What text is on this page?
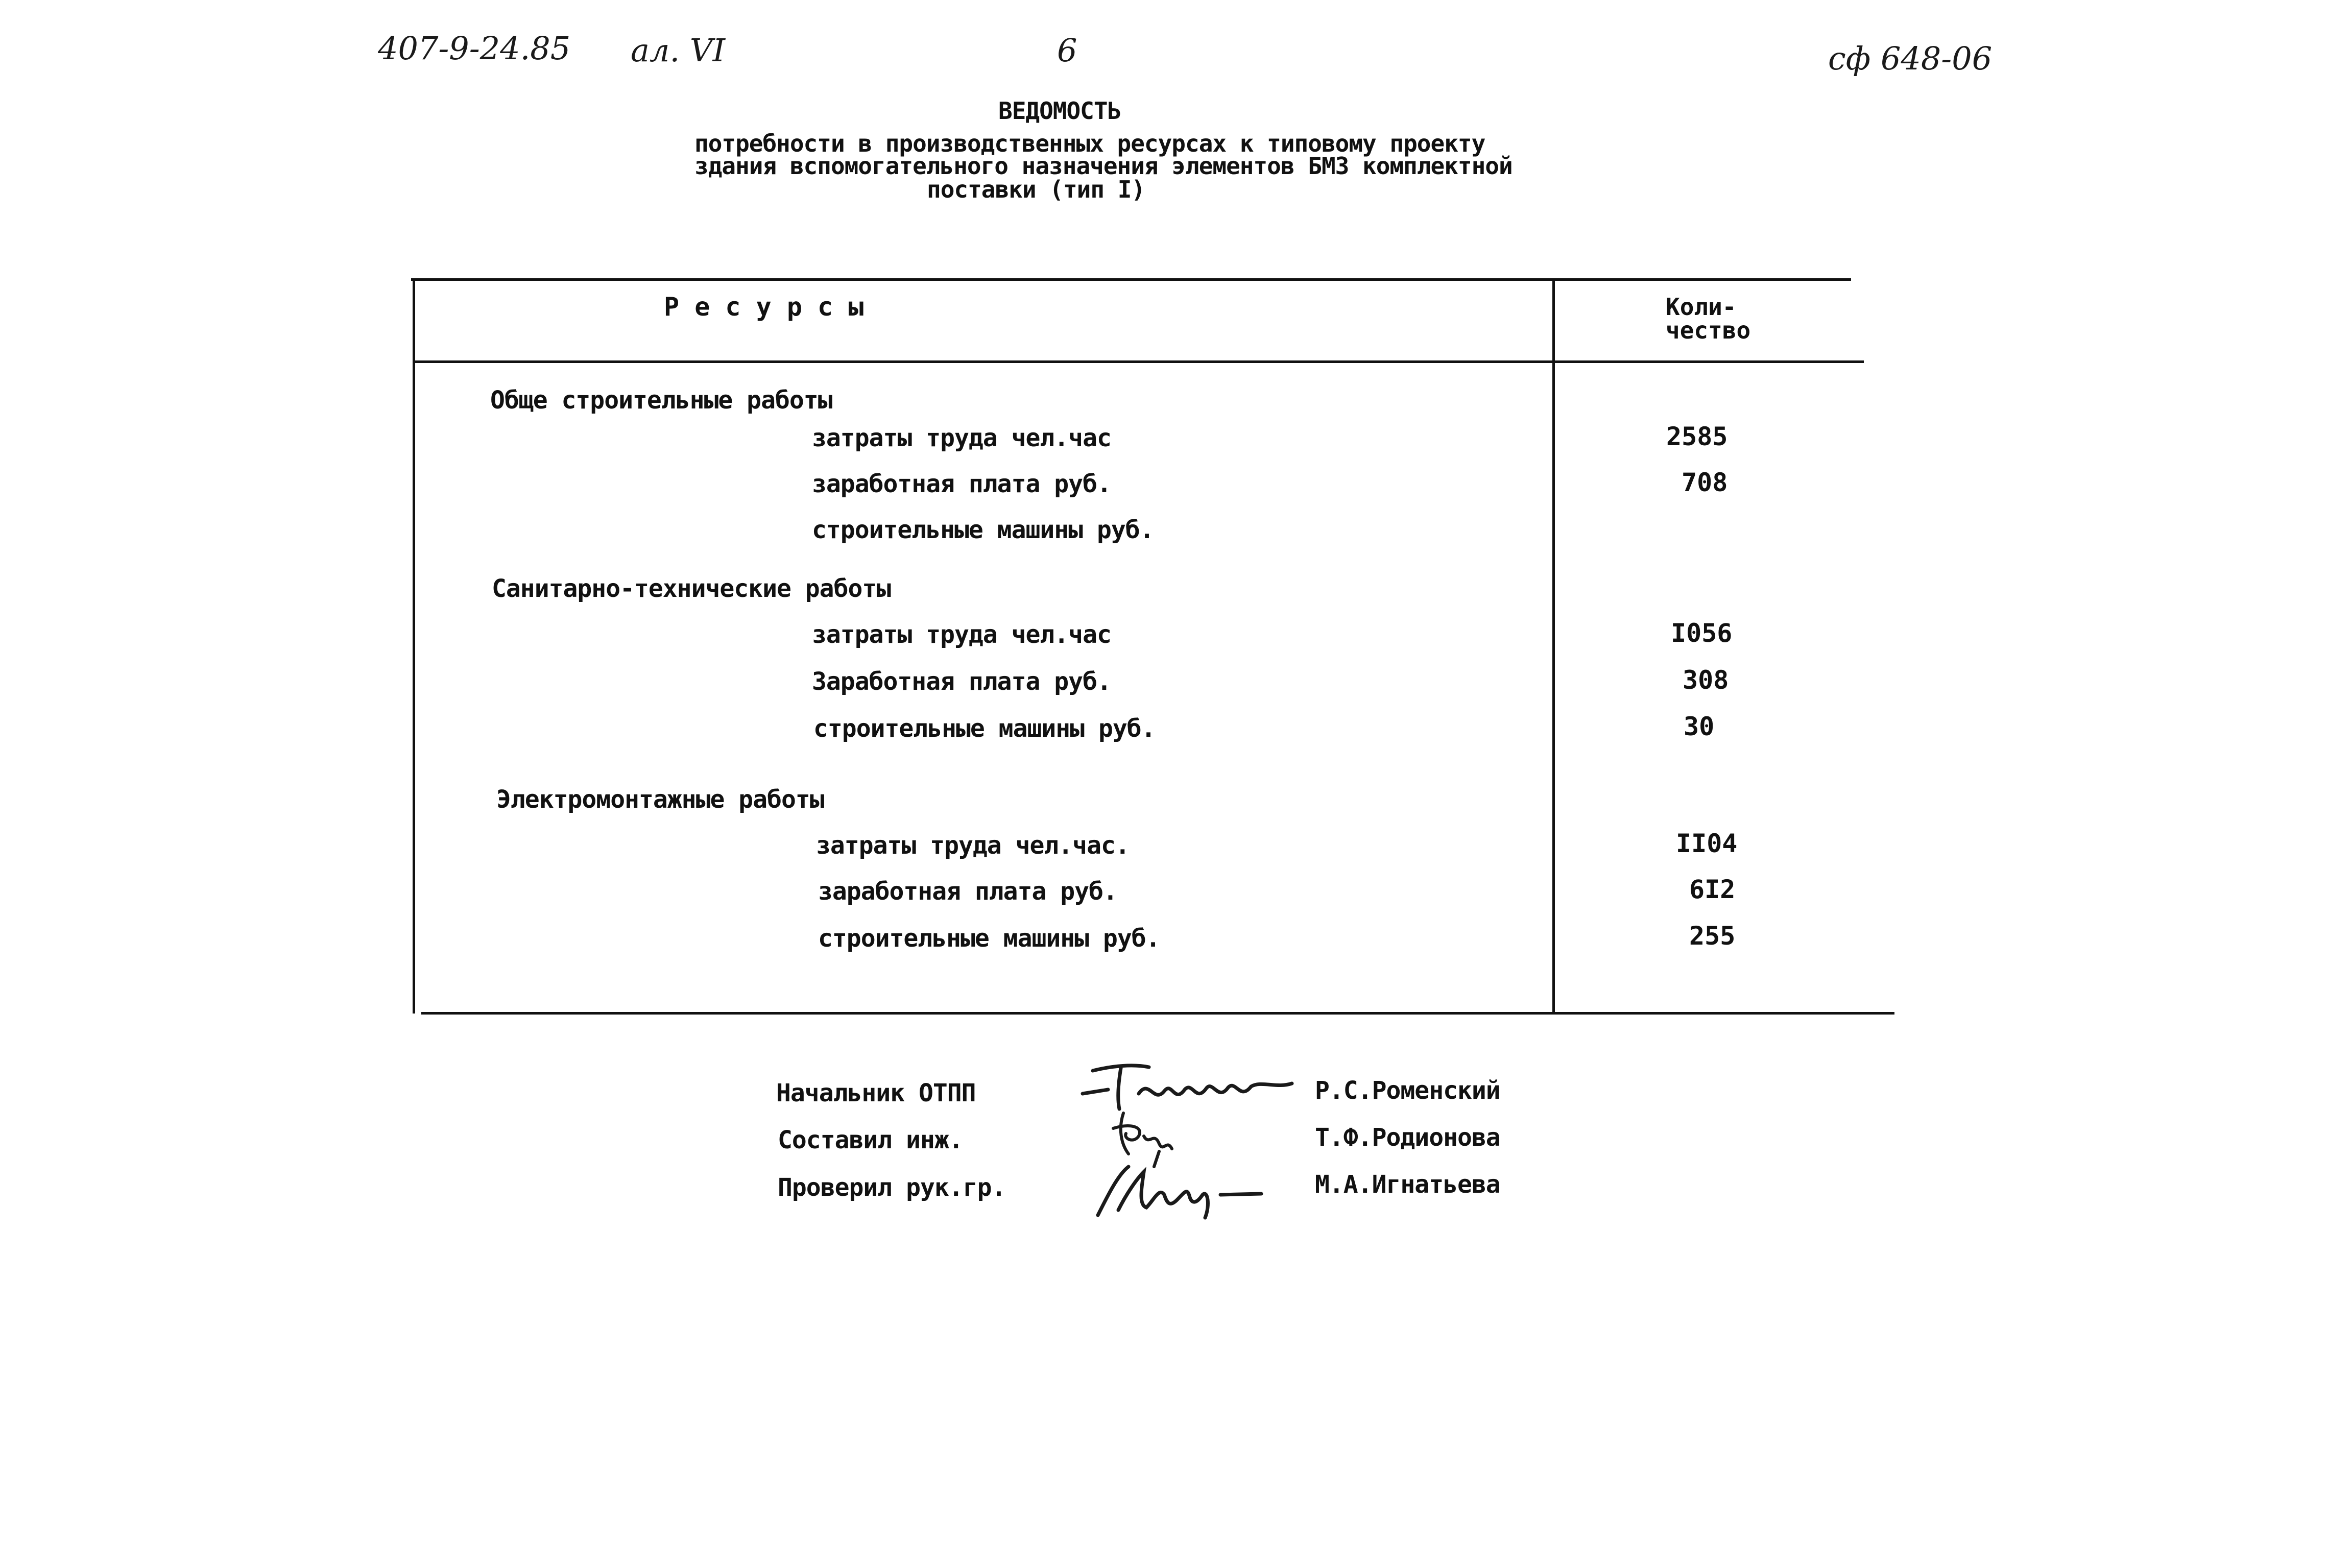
407-9-24.85 ал. VI	6	сф 648-06
ВЕДОМОСТЬ
потребности в производственных ресурсах к типовому проекту
здания вспомогательного назначения элементов БМЗ комплектной
поставки (тип I)
Р е с у р с ы	Коли-
чество
Обще строительные работы
затраты труда чел.час	2585
заработная плата руб.	708
строительные машины руб.
Санитарно-технические работы
затраты труда чел.час	I056
Заработная плата руб.	308
строительные машины руб.	30
Электромонтажные работы
затраты труда чел.час.	II04
заработная плата руб.	6I2
строительные машины руб.	255
Начальник ОТПП	Р.С.Роменский
Составил инж.	Т.Ф.Родионова
Проверил рук.гр.	М.А.Игнатьева
